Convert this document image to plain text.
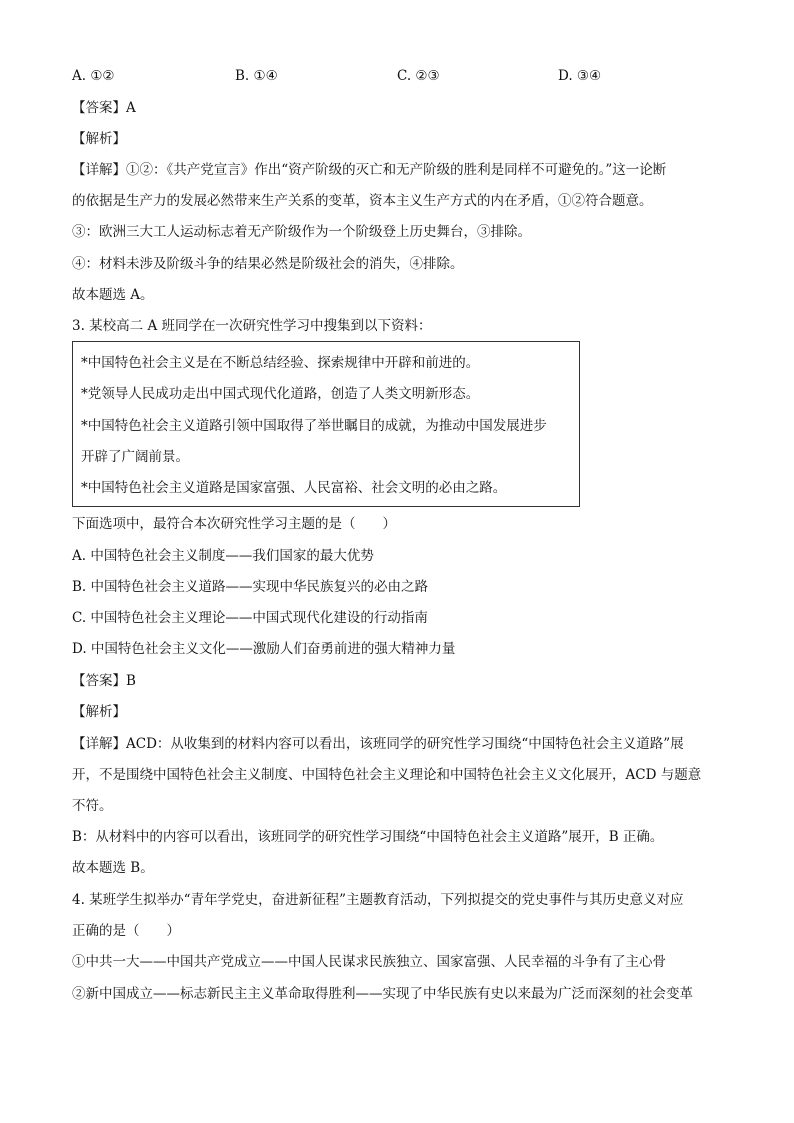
A. ①②	B. ①④	C. ②③	D. ③④
【答案】A
【解析】
【详解】①②：《共产党宣言》作出“资产阶级的灭亡和无产阶级的胜利是同样不可避免的。”这一论断
的依据是生产力的发展必然带来生产关系的变革，资本主义生产方式的内在矛盾，①②符合题意。
③：欧洲三大工人运动标志着无产阶级作为一个阶级登上历史舞台，③排除。
④：材料未涉及阶级斗争的结果必然是阶级社会的消失，④排除。
故本题选 A。
3. 某校高二 A 班同学在一次研究性学习中搜集到以下资料：
*中国特色社会主义是在不断总结经验、探索规律中开辟和前进的。
*党领导人民成功走出中国式现代化道路，创造了人类文明新形态。
*中国特色社会主义道路引领中国取得了举世瞩目的成就，为推动中国发展进步
开辟了广阔前景。
*中国特色社会主义道路是国家富强、人民富裕、社会文明的必由之路。
下面选项中，最符合本次研究性学习主题的是（　　）
A. 中国特色社会主义制度——我们国家的最大优势
B. 中国特色社会主义道路——实现中华民族复兴的必由之路
C. 中国特色社会主义理论——中国式现代化建设的行动指南
D. 中国特色社会主义文化——激励人们奋勇前进的强大精神力量
【答案】B
【解析】
【详解】ACD：从收集到的材料内容可以看出，该班同学的研究性学习围绕“中国特色社会主义道路”展
开，不是围绕中国特色社会主义制度、中国特色社会主义理论和中国特色社会主义文化展开，ACD 与题意
不符。
B：从材料中的内容可以看出，该班同学的研究性学习围绕“中国特色社会主义道路”展开，B 正确。
故本题选 B。
4. 某班学生拟举办“青年学党史，奋进新征程”主题教育活动，下列拟提交的党史事件与其历史意义对应
正确的是（　　）
①中共一大——中国共产党成立——中国人民谋求民族独立、国家富强、人民幸福的斗争有了主心骨
②新中国成立——标志新民主主义革命取得胜利——实现了中华民族有史以来最为广泛而深刻的社会变革
